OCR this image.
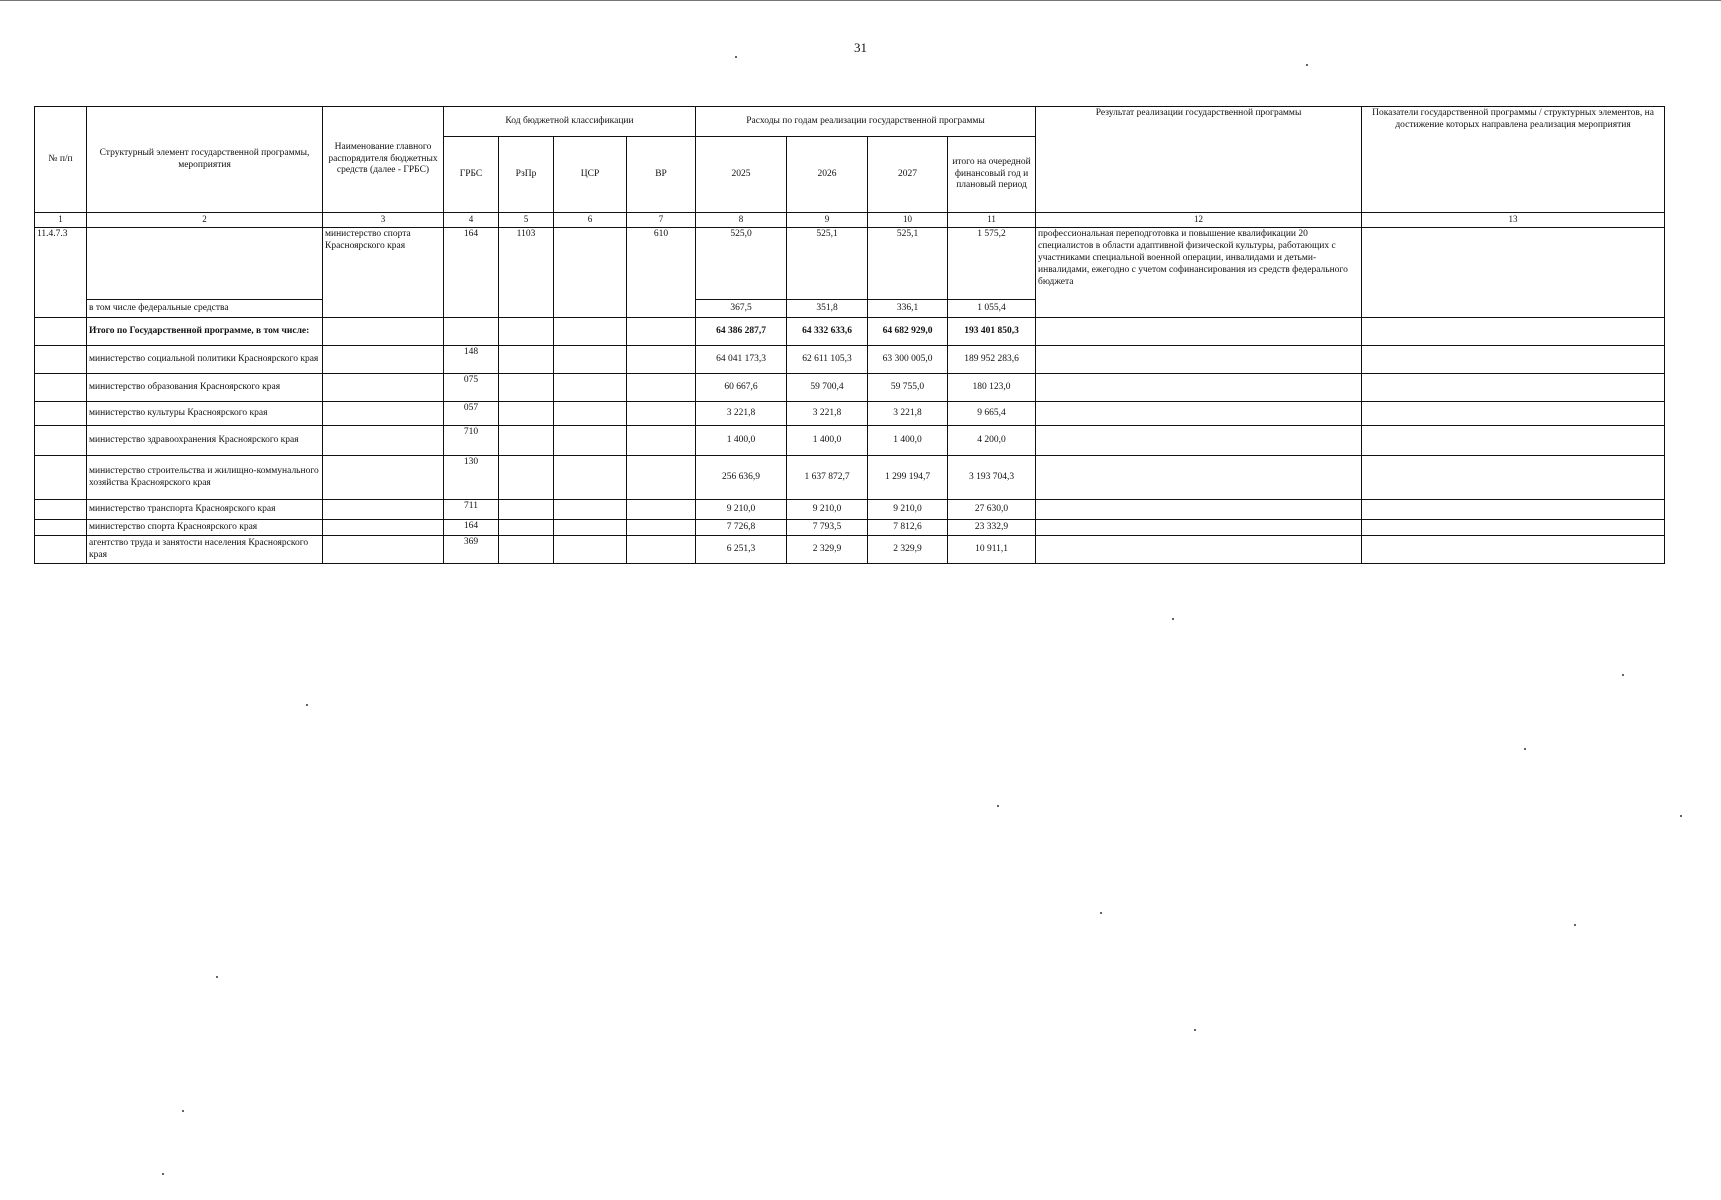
31
№ п/п	Структурный элемент государственной программы, мероприятия	Наименование главного распорядителя бюджетных средств (далее - ГРБС)	Код бюджетной классификации				Расходы по годам реализации государственной программы				Результат реализации государственной программы	Показатели государственной программы / структурных элементов, на достижение которых направлена реализация мероприятия
			ГРБС	РзПр	ЦСР	ВР	2025	2026	2027	итого на очередной финансовый год и плановый период		
1	2	3	4	5	6	7	8	9	10	11	12	13
11.4.7.3		министерство спорта Красноярского края	164	1103		610	525,0	525,1	525,1	1 575,2	профессиональная переподготовка и повышение квалификации 20 специалистов в области адаптивной физической культуры, работающих с участниками специальной военной операции, инвалидами и детьми-инвалидами, ежегодно с учетом софинансирования из средств федерального бюджета	
	в том числе федеральные средства						367,5	351,8	336,1	1 055,4		
	Итого по Государственной программе, в том числе:						64 386 287,7	64 332 633,6	64 682 929,0	193 401 850,3		
	министерство социальной политики Красноярского края		148				64 041 173,3	62 611 105,3	63 300 005,0	189 952 283,6		
	министерство образования Красноярского края		075				60 667,6	59 700,4	59 755,0	180 123,0		
	министерство культуры Красноярского края		057				3 221,8	3 221,8	3 221,8	9 665,4		
	министерство здравоохранения Красноярского края		710				1 400,0	1 400,0	1 400,0	4 200,0		
	министерство строительства и жилищно-коммунального хозяйства Красноярского края		130				256 636,9	1 637 872,7	1 299 194,7	3 193 704,3		
	министерство транспорта Красноярского края		711				9 210,0	9 210,0	9 210,0	27 630,0		
	министерство спорта Красноярского края		164				7 726,8	7 793,5	7 812,6	23 332,9		
	агентство труда и занятости населения Красноярского края		369				6 251,3	2 329,9	2 329,9	10 911,1		
